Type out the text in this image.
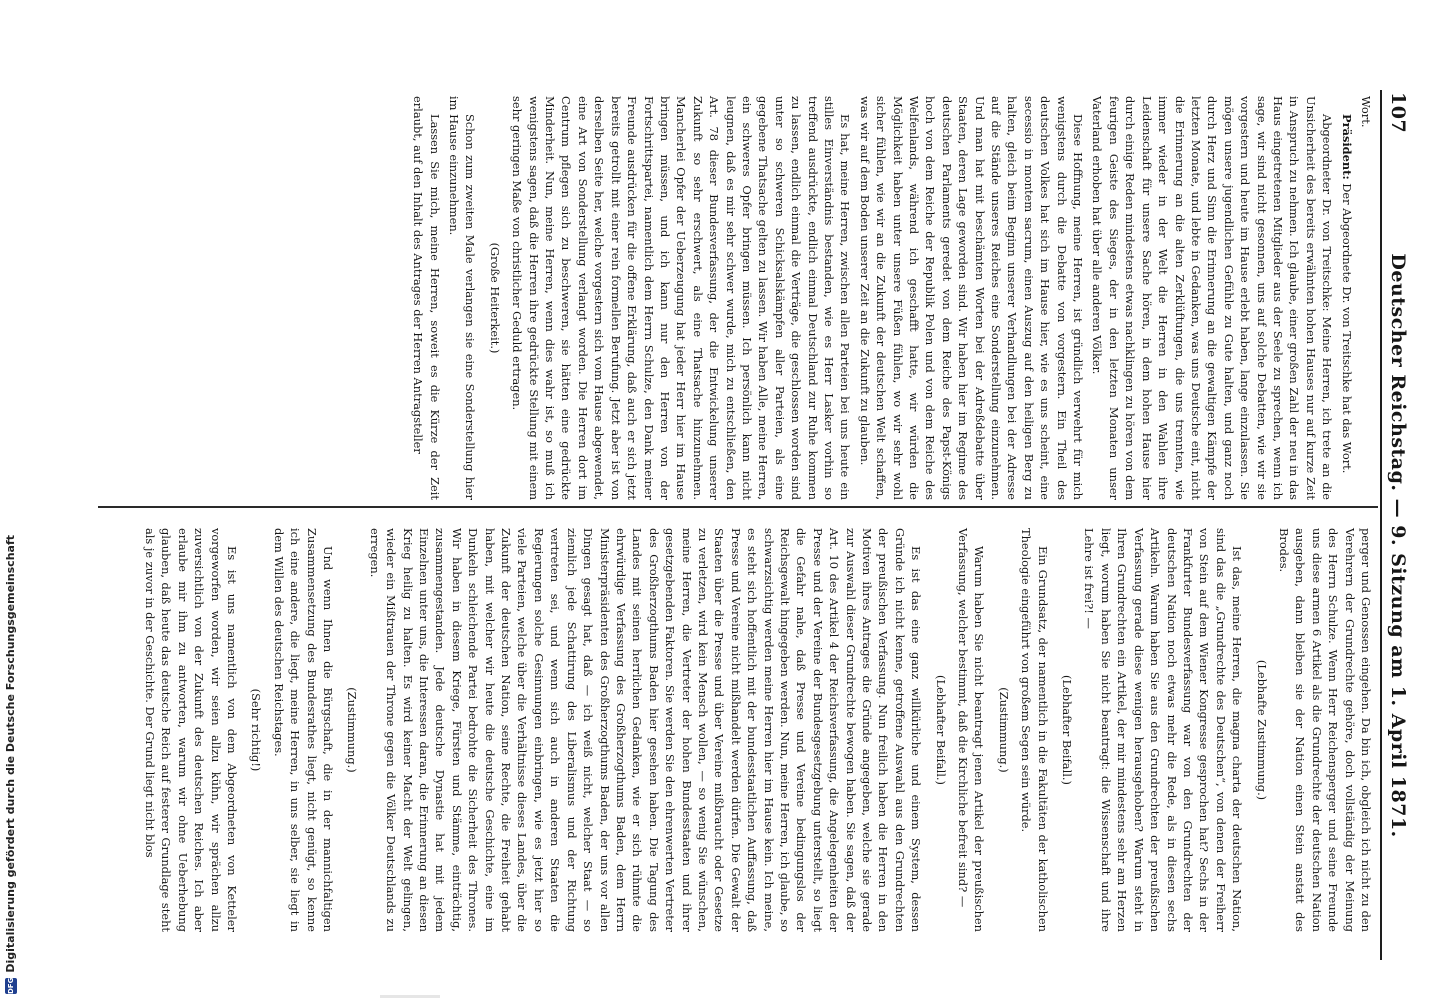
107
Deutscher Reichstag. — 9. Sitzung am 1. April 1871.

Wort.

Präsident: Der Abgeordnete Dr. von Treitschke hat das Wort.

Abgeordneter Dr. von Treitschke: Meine Herren, ich trete an die Unsicherheit des bereits erwähnten hohen Hauses nur auf kurze Zeit in Anspruch zu nehmen. Ich glaube, einer großen Zahl der neu in das Haus eingetretenen Mitglieder aus der Seele zu sprechen, wenn ich sage, wir sind nicht gesonnen, uns auf solche Debatten, wie wir sie vorgestern und heute im Hause erlebt haben, lange einzulassen. Sie mögen unsere jugendlichen Gefühle zu Gute halten, und ganz noch durch Herz und Sinn die Erinnerung an die gewaltigen Kämpfe der letzten Monate, und lebte in Gedanken, was uns Deutsche eint, nicht die Erinnerung an die alten Zerklüftungen, die uns trennten, wie immer wieder in der Welt die Herren in den Wahlen ihre Leidenschaft für unsere Sache hören, in dem hohen Hause hier durch einige Reden mindestens etwas nachklingen zu hören von dem feurigen Geiste des Sieges, der in den letzten Monaten unser Vaterland erhoben hat über alle anderen Völker.

Diese Hoffnung, meine Herren, ist gründlich verwehrt für mich wenigstens durch die Debatte von vorgestern. Ein Theil des deutschen Volkes hat sich im Hause hier, wie es uns scheint, eine secessio in montem sacrum, einen Auszug auf den heiligen Berg zu halten, gleich beim Beginn unserer Verhandlungen bei der Adresse auf die Stände unseres Reiches eine Sonderstellung einzunehmen. Und man hat mit beschämten Worten bei der Adreßdebatte über Staaten, deren Lage geworden sind. Wir haben hier im Regime des deutschen Parlaments geredet von dem Reiche des Papst-Königs hoch von dem Reiche der Republik Polen und von dem Reiche des Welfenlands, während ich geschafft hatte, wir würden die Möglichkeit haben unter unsere Füßen fühlen, wo wir sehr wohl sicher fühlen, wie wir an die Zukunft der deutschen Welt schaffen, was wir auf dem Boden unserer Zeit an die Zukunft zu glauben.

Es hat, meine Herren, zwischen allen Parteien bei uns heute ein stilles Einverständnis bestanden, wie es Herr Lasker vorhin so treffend ausdrückte, endlich einmal Deutschland zur Ruhe kommen zu lassen, endlich einmal die Verträge, die geschlossen worden sind unter so schweren Schicksalskämpfen aller Parteien, als eine gegebene Thatsache gelten zu lassen. Wir haben Alle, meine Herren, ein schweres Opfer bringen müssen. Ich persönlich kann nicht leugnen, daß es mir sehr schwer wurde, mich zu entschließen, den Art. 78 dieser Bundesverfassung, der die Entwickelung unserer Zukunft so sehr erschwert, als eine Thatsache hinzunehmen. Mancherlei Opfer der Ueberzeugung hat jeder Herr hier im Hause bringen müssen, und ich kann nur den Herren von der Fortschrittspartei, namentlich dem Herrn Schulze, den Dank meiner Freunde ausdrücken für die offene Erklärung, daß auch er sich jetzt bereits getrollt mit einer rein formellen Berufung. Jetzt aber ist von derselben Seite her, welche vorgestern sich vom Hause abgewendet, eine Art von Sonderstellung verlangt worden. Die Herren dort im Centrum pflegen sich zu beschweren, sie hätten eine gedrückte Minderheit. Nun, meine Herren, wenn dies wahr ist, so muß ich wenigstens sagen, daß die Herren ihre gedrückte Stellung mit einem sehr geringen Maße von christlicher Geduld ertragen.

(Große Heiterkeit.)

Schon zum zweiten Male verlangen sie eine Sonderstellung hier im Hause einzunehmen.

Lassen Sie mich, meine Herren, soweit es die Kürze der Zeit erlaubt, auf den Inhalt des Antrages der Herren Antragsteller

perger und Genossen eingehen. Da bin ich, obgleich ich nicht zu den Verehrern der Grundrechte gehöre, doch vollständig der Meinung des Herrn Schulze. Wenn Herr Reichensperger und seine Freunde uns diese armen 6 Artikel als die Grundrechte der deutschen Nation ausgeben, dann bleiben sie der Nation einen Stein anstatt des Brodes.

(Lebhafte Zustimmung.)

Ist das, meine Herren, die magna charta der deutschen Nation, sind das die „Grundrechte des Deutschen“, von denen der Freiherr von Stein auf dem Wiener Kongresse gesprochen hat? Sechs in der Frankfurter Bundesverfassung war von den Grundrechten der deutschen Nation noch etwas mehr die Rede, als in diesen sechs Artikeln. Warum haben Sie aus den Grundrechten der preußischen Verfassung gerade diese wenigen herausgehoben? Warum steht in Ihren Grundrechten ein Artikel, der mir mindestens sehr am Herzen liegt, worum haben Sie nicht beantragt: die Wissenschaft und ihre Lehre ist frei?! —

(Lebhafter Beifall.)

Ein Grundsatz, der namentlich in die Fakultäten der katholischen Theologie eingeführt von großem Segen sein würde.

(Zustimmung.)

Warum haben Sie nicht beantragt jenen Artikel der preußischen Verfassung, welcher bestimmt, daß die Kirchliche befreit sind? —

(Lebhafter Beifall.)

Es ist das eine ganz willkürliche und einem System, dessen Gründe ich nicht kenne, getroffene Auswahl aus den Grundrechten der preußischen Verfassung. Nun freilich haben die Herren in den Motiven ihres Antrages die Gründe angegeben, welche sie gerade zur Auswahl dieser Grundrechte bewogen haben. Sie sagen, daß der Art. 10 des Artikel 4 der Reichsverfassung, die Angelegenheiten der Presse und der Vereine der Bundesgesetzgebung unterstellt, so liegt die Gefahr nahe, daß Presse und Vereine bedingungslos der Reichsgewalt hingegeben werden. Nun, meine Herren, ich glaube, so schwarzsichtig werden meine Herren hier im Hause kein. Ich meine, es steht sich hoffentlich mit der bundesstaatlichen Auffassung, daß Presse und Vereine nicht mißhandelt werden dürfen. Die Gewalt der Staaten über die Presse und über Vereine mißbraucht oder Gesetze zu verletzen, wird kein Mensch wollen, — so wenig Sie wünschen, meine Herren, die Vertreter der hohen Bundesstaaten und ihrer gesetzgebenden Faktoren. Sie werden Sie den ehrenwerten Vertreter des Großherzogthums Baden hier gesehen haben. Die Tagung des Landes mit seinen herrlichen Gedanken, wie er sich rühmte die ehrwürdige Verfassung des Großherzogthums Baden, dem Herrn Ministerpräsidenten des Großherzogthums Baden, der uns vor allen Dingen gesagt hat, daß — ich weiß nicht, welcher Staat — so ziemlich jede Schattirung des Liberalismus und der Richtung vertreten sei, und wenn sich auch in anderen Staaten die Regierungen solche Gesinnungen einbringen, wie es jetzt hier so viele Parteien, welche über die Verhältnisse dieses Landes, über die Zukunft der deutschen Nation, seine Rechte, die Freiheit gehabt haben, mit welcher wir heute die deutsche Geschichte, eine im Dunkeln schleichende Partei bedrohte die Sicherheit des Thrones. Wir haben in diesem Kriege, Fürsten und Stämme, einträchtig, zusammengestanden. Jede deutsche Dynastie hat mit jedem Einzelnen unter uns, die Interessen daran, die Erinnerung an diesen Krieg heilig zu halten. Es wird keiner Macht der Welt gelingen, wieder ein Mißtrauen der Throne gegen die Völker Deutschlands zu erregen.

(Zustimmung.)

Und wenn Ihnen die Bürgschaft, die in der mannichfaltigen Zusammensetzung des Bundesrathes liegt, nicht genügt, so kenne ich eine andere, die liegt, meine Herren, in uns selber, sie liegt in dem Willen des deutschen Reichstages.

(Sehr richtig!)

Es ist uns namentlich von dem Abgeordneten von Ketteler vorgeworfen worden, wir seien allzu kühn, wir sprächen allzu zuversichtlich von der Zukunft des deutschen Reiches. Ich aber erlaube mir ihm zu antworten, warum wir ohne Ueberhebung glauben, daß heute das deutsche Reich auf festerer Grundlage steht als je zuvor in der Geschichte. Der Grund liegt nicht blos

DFG
Digitalisierung gefördert durch die Deutsche Forschungsgemeinschaft
